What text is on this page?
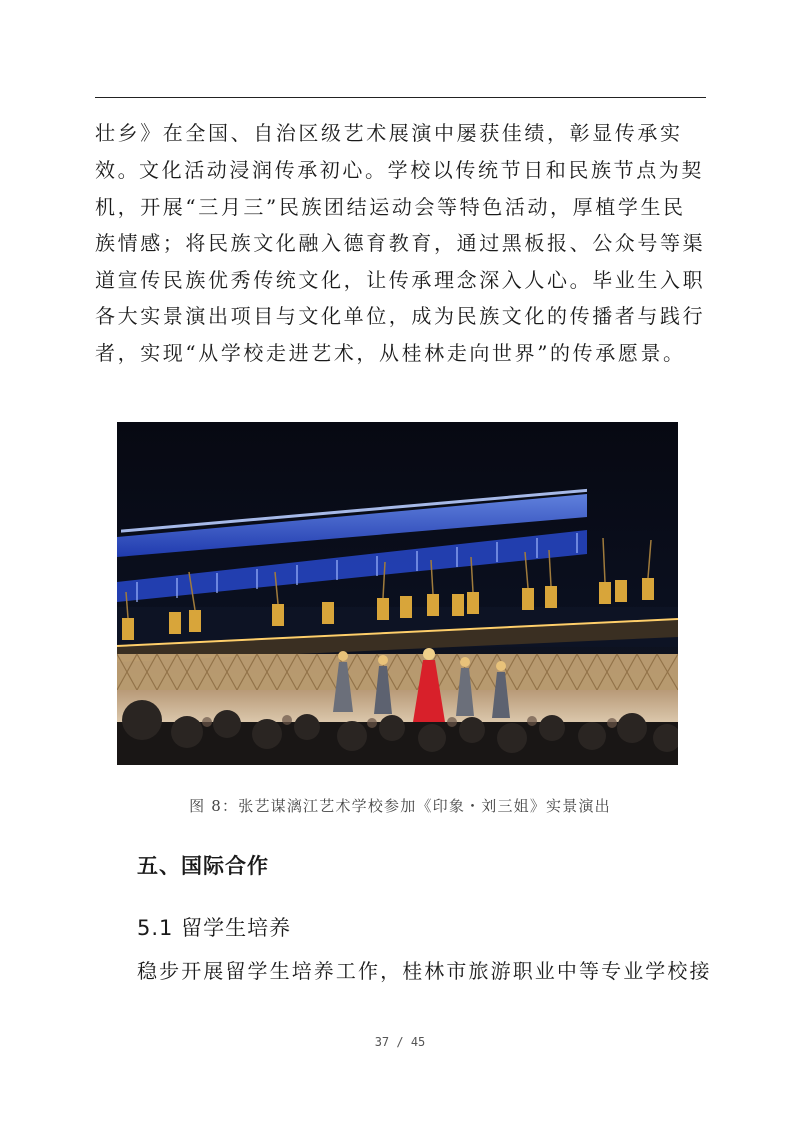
壮乡》在全国、自治区级艺术展演中屡获佳绩，彰显传承实效。

文化活动浸润传承初心。学校以传统节日和民族节点为契机，开展“三月三”民族团结运动会等特色活动，厚植学生民族情感；将民族文化融入德育教育，通过黑板报、公众号等渠道宣传民族优秀传统文化，让传承理念深入人心。毕业生入职各大实景演出项目与文化单位，成为民族文化的传播者与践行者，实现“从学校走进艺术，从桂林走向世界”的传承愿景。

图 8：张艺谋漓江艺术学校参加《印象・刘三姐》实景演出
五、国际合作
5.1 留学生培养

稳步开展留学生培养工作，桂林市旅游职业中等专业学校接

37 / 45
